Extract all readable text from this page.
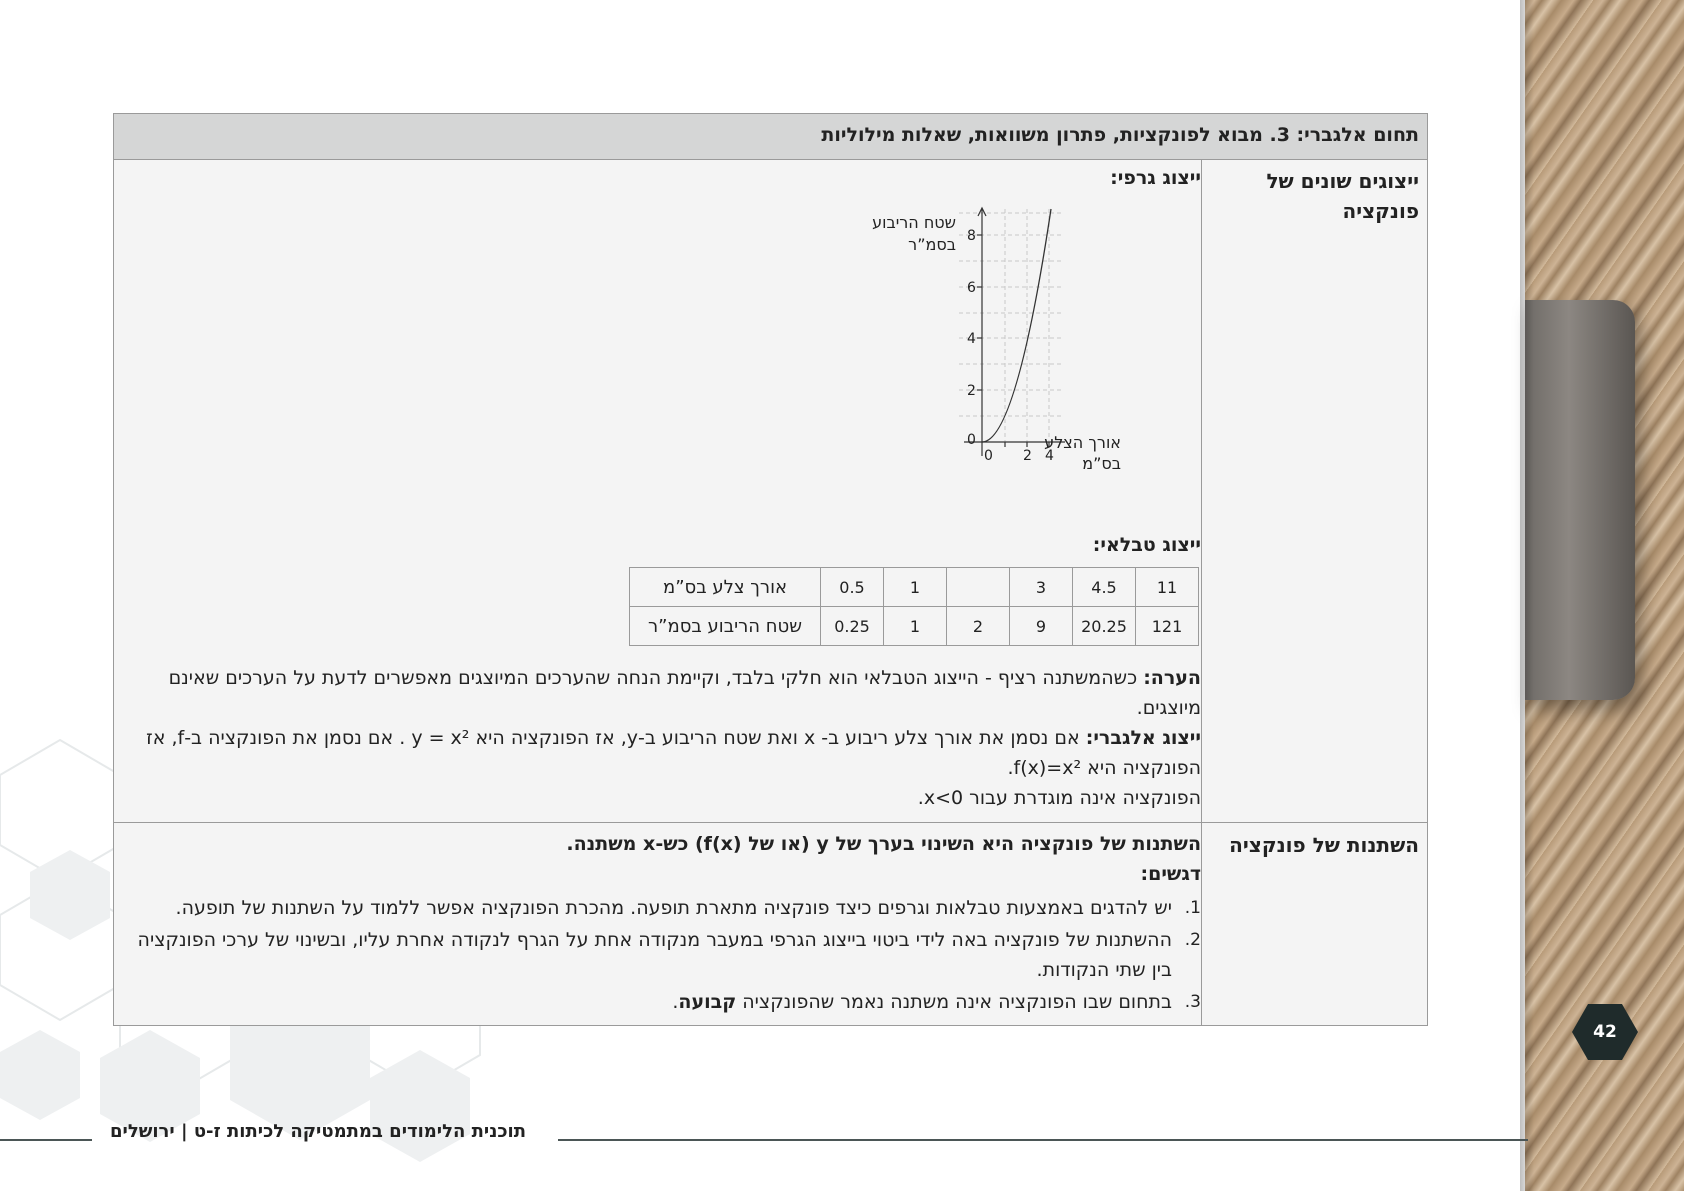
42
תחום אלגברי: 3. מבוא לפונקציות, פתרון משוואות, שאלות מילוליות
ייצוגים שונים של
פונקציה
ייצוג גרפי:
8
6
4
2
0
0 2 4
שטח הריבוע
בסמ”ר
אורך הצלע
בס”מ
ייצוג טבלאי:
11	4.5	3		1	0.5	אורך צלע בס”מ
121	20.25	9	2	1	0.25	שטח הריבוע בסמ”ר
הערה: כשהמשתנה רציף - הייצוג הטבלאי הוא חלקי בלבד, וקיימת הנחה שהערכים המיוצגים מאפשרים לדעת על הערכים שאינם
מיוצגים.
ייצוג אלגברי: אם נסמן את אורך צלע ריבוע ב- x ואת שטח הריבוע ב-y, אז הפונקציה היא y = x² . אם נסמן את הפונקציה ב-f, אז
הפונקציה היא f(x)=x².
הפונקציה אינה מוגדרת עבור x<0.
השתנות של פונקציה
השתנות של פונקציה היא השינוי בערך של y (או של f(x)) כש-x משתנה.
דגשים:
1.
יש להדגים באמצעות טבלאות וגרפים כיצד פונקציה מתארת תופעה. מהכרת הפונקציה אפשר ללמוד על השתנות של תופעה.
2.
ההשתנות של פונקציה באה לידי ביטוי בייצוג הגרפי במעבר מנקודה אחת על הגרף לנקודה אחרת עליו, ובשינוי של ערכי הפונקציה
בין שתי הנקודות.
3.
בתחום שבו הפונקציה אינה משתנה נאמר שהפונקציה קבועה.
תוכנית הלימודים במתמטיקה לכיתות ז-ט | ירושלים
